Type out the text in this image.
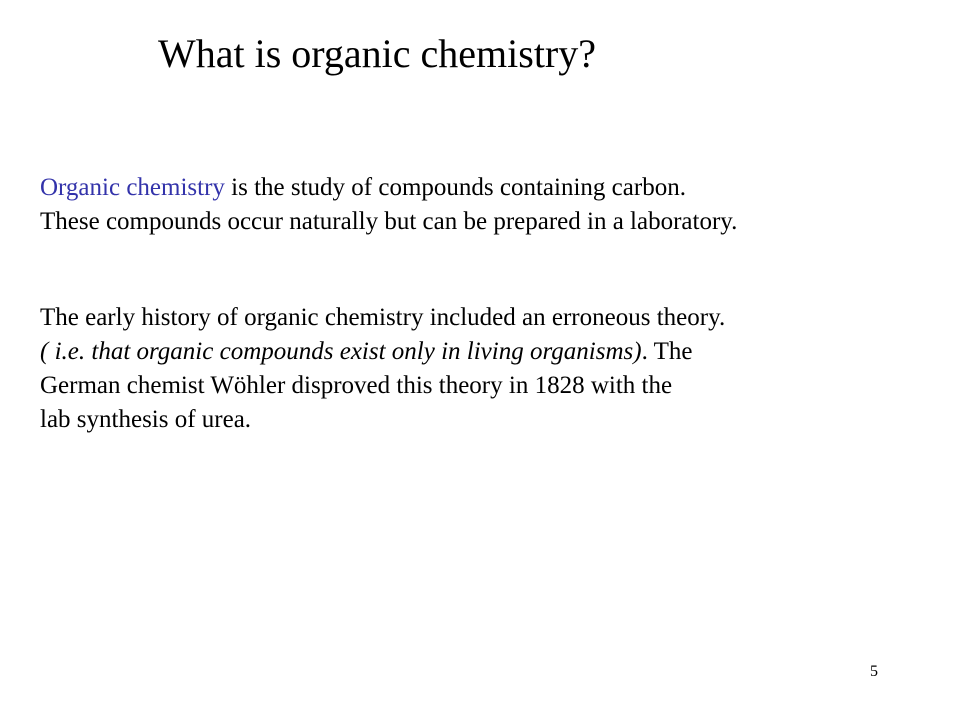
What is organic chemistry?
Organic chemistry is the study of compounds containing carbon.
These compounds occur naturally but can be prepared in a laboratory.
The early history of organic chemistry included an erroneous theory.
( i.e. that organic compounds exist only in living organisms). The
German chemist Wöhler disproved this theory in 1828 with the
lab synthesis of urea.
5
